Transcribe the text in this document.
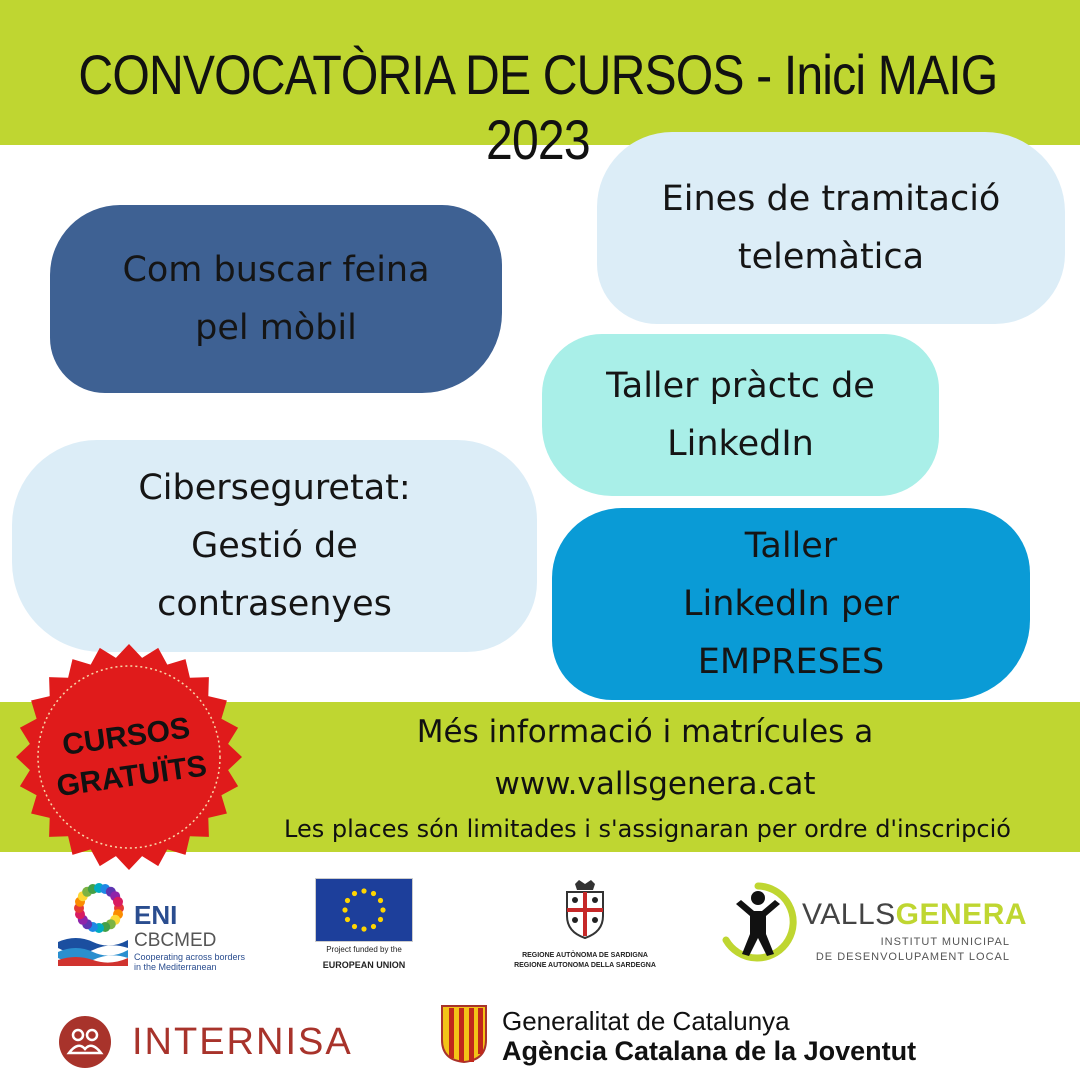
CONVOCATÒRIA DE CURSOS - Inici MAIG 2023
Com buscar feina
pel mòbil
Eines de tramitació
telemàtica
Taller pràctc de
LinkedIn
Ciberseguretat:
Gestió de
contrasenyes
Taller
LinkedIn per
EMPRESES
Més informació i matrícules a
www.vallsgenera.cat
Les places són limitades i s'assignaran per ordre d'inscripció
CURSOS
GRATUÏTS
ENI
CBCMED
Cooperating across borders
in the Mediterranean
Project funded by the
EUROPEAN UNION
REGIONE AUTÒNOMA DE SARDIGNA
REGIONE AUTONOMA DELLA SARDEGNA
VALLSGENERA
INSTITUT MUNICIPAL
DE DESENVOLUPAMENT LOCAL
INTERNISA	Generalitat de Catalunya
Agència Catalana de la Joventut
